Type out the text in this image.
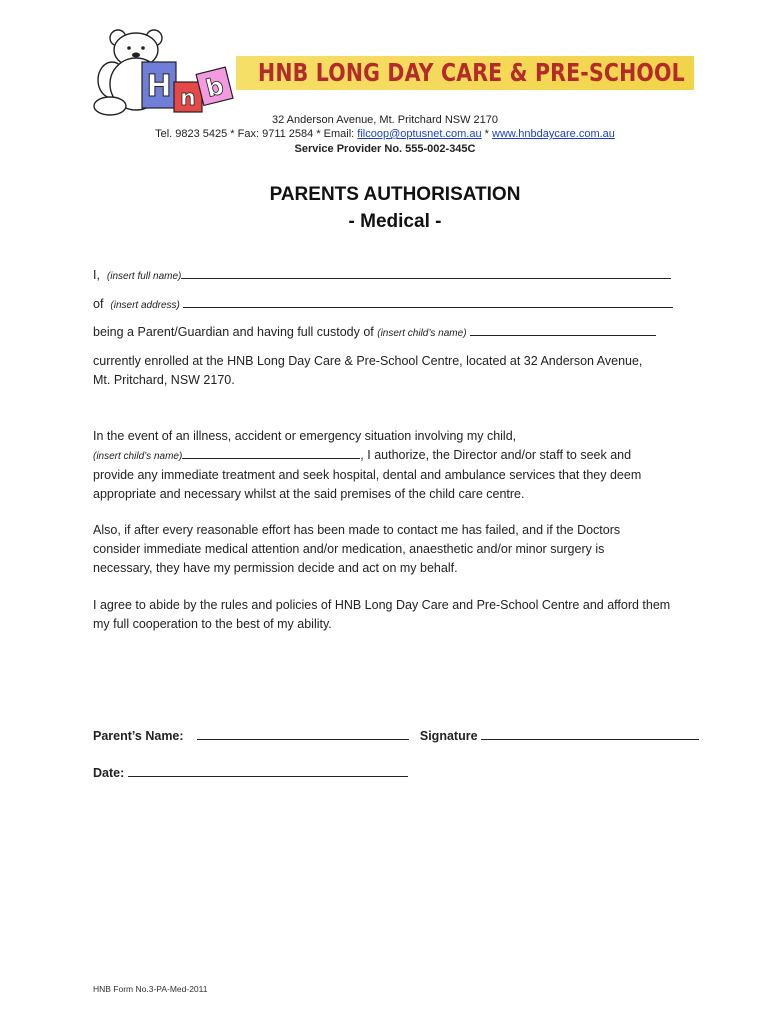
H n b HNB LONG DAY CARE & PRE-SCHOOL
32 Anderson Avenue, Mt. Pritchard NSW 2170
Tel. 9823 5425 * Fax: 9711 2584 * Email: filcoop@optusnet.com.au * www.hnbdaycare.com.au
Service Provider No. 555-002-345C
PARENTS AUTHORISATION
- Medical -
I, (insert full name)
of (insert address)
being a Parent/Guardian and having full custody of (insert child’s name)
currently enrolled at the HNB Long Day Care & Pre-School Centre, located at 32 Anderson Avenue,
Mt. Pritchard, NSW 2170.
In the event of an illness, accident or emergency situation involving my child,
(insert child’s name)	, I authorize, the Director and/or staff to seek and
provide any immediate treatment and seek hospital, dental and ambulance services that they deem
appropriate and necessary whilst at the said premises of the child care centre.
Also, if after every reasonable effort has been made to contact me has failed, and if the Doctors
consider immediate medical attention and/or medication, anaesthetic and/or minor surgery is
necessary, they have my permission decide and act on my behalf.
I agree to abide by the rules and policies of HNB Long Day Care and Pre-School Centre and afford them
my full cooperation to the best of my ability.
Parent’s Name:	Signature
Date:
HNB Form No.3-PA-Med-2011
